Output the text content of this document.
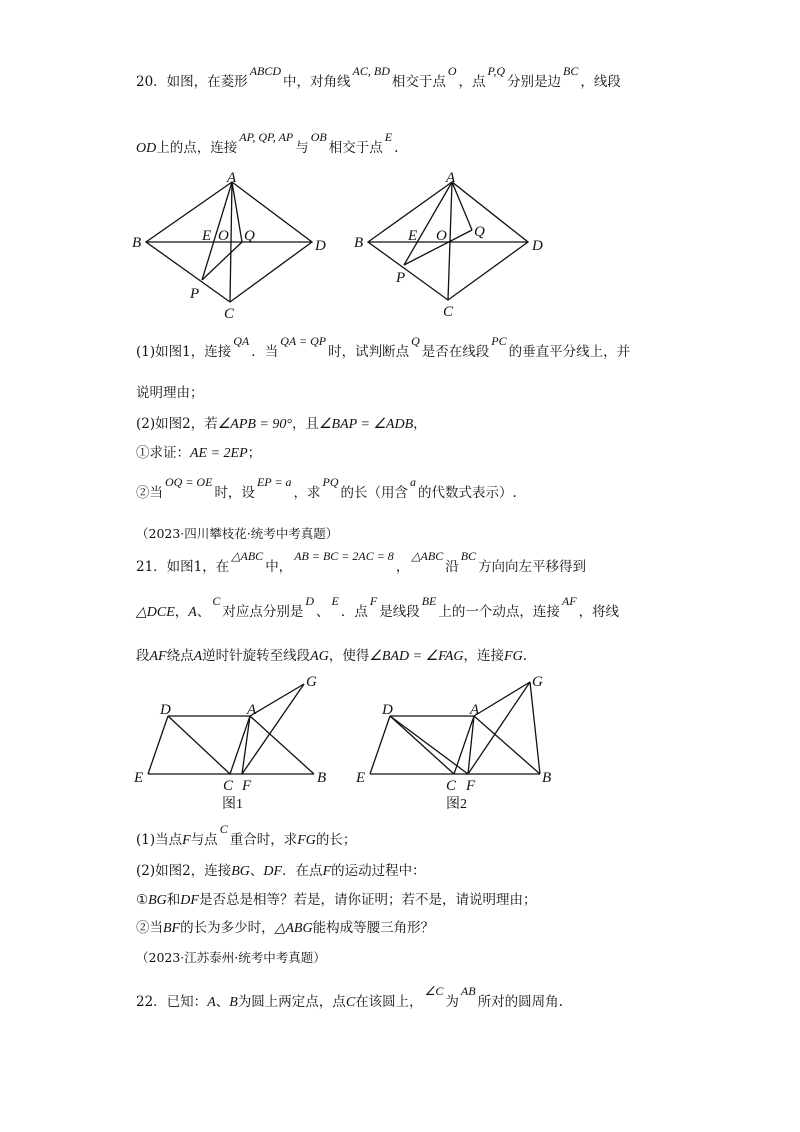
20．如图，在菱形ABCD中，对角线AC, BD相交于点O，点P,Q分别是边BC，线段
OD上的点，连接AP, QP, AP与OB相交于点E.
A
B
C
D
E O Q
P
A
B
C
D
E O Q
P
(1)如图1，连接QA．当QA = QP时，试判断点Q是否在线段PC的垂直平分线上，并
说明理由；
(2)如图2，若∠APB = 90°，且∠BAP = ∠ADB，
①求证：AE = 2EP；
②当OQ = OE时，设EP = a，求PQ的长（用含a的代数式表示）.
（2023·四川攀枝花·统考中考真题）
21．如图1，在△ABC中，AB = BC = 2AC = 8，△ABC沿BC方向向左平移得到
△DCE，A、C对应点分别是D、E．点F是线段BE上的一个动点，连接AF，将线
段AF绕点A逆时针旋转至线段AG，使得∠BAD = ∠FAG，连接FG.
G
D	A
E	C F	B
图1
G
D	A
E	C F	B
图2
(1)当点F与点C重合时，求FG的长；
(2)如图2，连接BG、DF．在点F的运动过程中：
①BG和DF是否总是相等？若是，请你证明；若不是，请说明理由；
②当BF的长为多少时，△ABG能构成等腰三角形？
（2023·江苏泰州·统考中考真题）
22．已知：A、B为圆上两定点，点C在该圆上，∠C为AB所对的圆周角.
